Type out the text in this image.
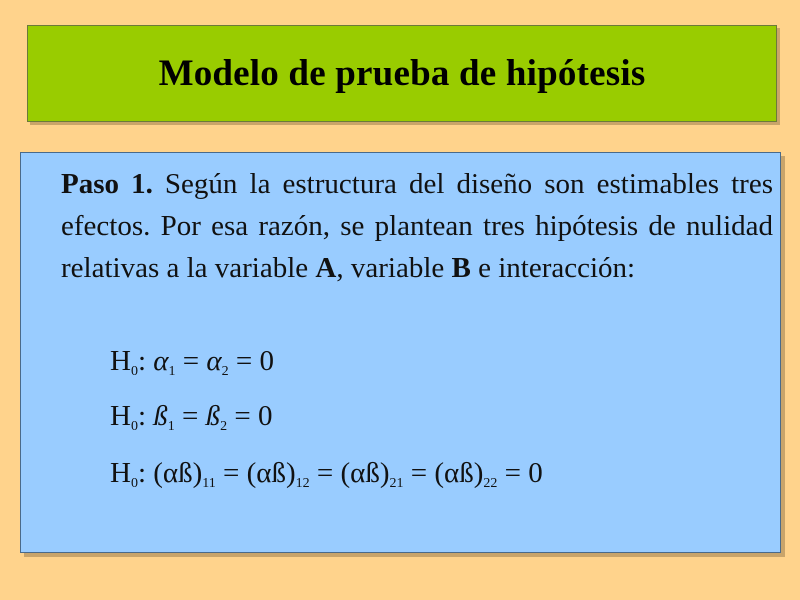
Modelo de prueba de hipótesis
Paso 1. Según la estructura del diseño son estimables tres efectos. Por esa razón, se plantean tres hipótesis de nulidad relativas a la variable A, variable B e interacción:
$H_0$: $\alpha_1 = \alpha_2 = 0$
$H_0$: $ß_1$ = $ß_2 = 0$
$H_0$: $(\alpha ß)_{11}$ = $(\alpha ß)_{12}$ = $(\alpha ß)_{21}$ = $(\alpha ß)_{22} = 0$
